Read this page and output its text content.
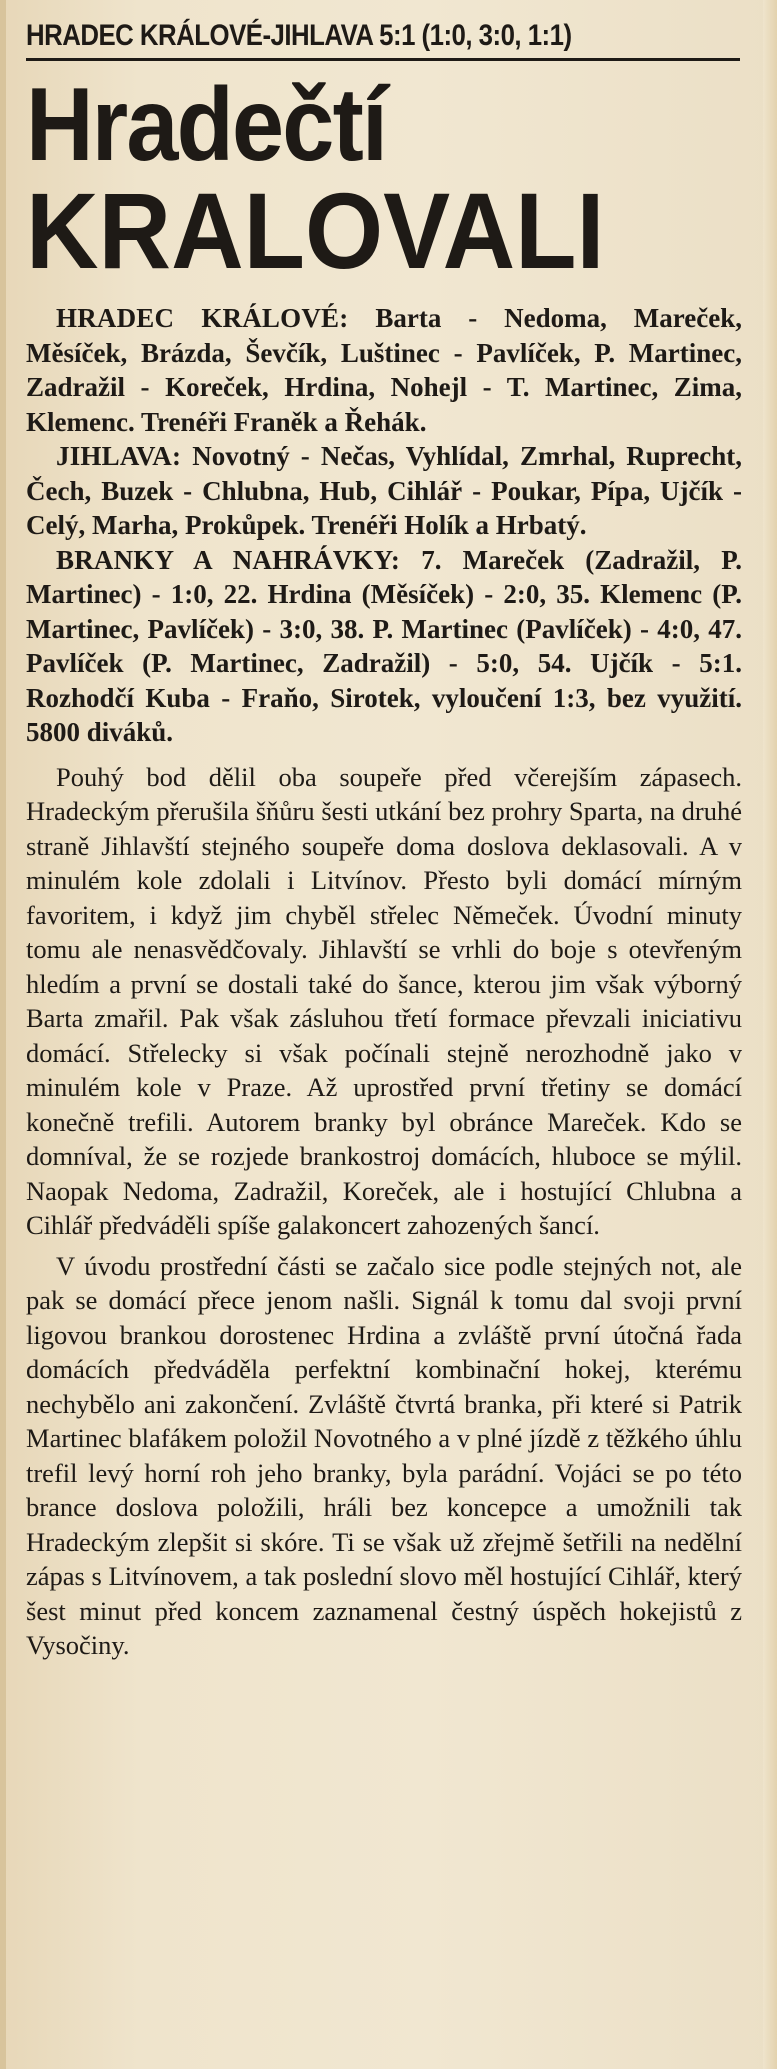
HRADEC KRÁLOVÉ-JIHLAVA 5:1 (1:0, 3:0, 1:1)
Hradečtí
KRALOVALI

HRADEC KRÁLOVÉ: Barta - Nedoma, Mareček, Měsíček, Brázda, Ševčík, Luštinec - Pavlíček, P. Martinec, Zadražil - Koreček, Hrdina, Nohejl - T. Martinec, Zima, Klemenc. Trenéři Franěk a Řehák.

JIHLAVA: Novotný - Nečas, Vyhlídal, Zmrhal, Ruprecht, Čech, Buzek - Chlubna, Hub, Cihlář - Poukar, Pípa, Ujčík - Celý, Marha, Prokůpek. Trenéři Holík a Hrbatý.

BRANKY A NAHRÁVKY: 7. Mareček (Zadražil, P. Martinec) - 1:0, 22. Hrdina (Měsíček) - 2:0, 35. Klemenc (P. Martinec, Pavlíček) - 3:0, 38. P. Martinec (Pavlíček) - 4:0, 47. Pavlíček (P. Martinec, Zadražil) - 5:0, 54. Ujčík - 5:1. Rozhodčí Kuba - Fraňo, Sirotek, vyloučení 1:3, bez využití. 5800 diváků.

Pouhý bod dělil oba soupeře před včerejším zápasech. Hradeckým přerušila šňůru šesti utkání bez prohry Sparta, na druhé straně Jihlavští stejného soupeře doma doslova deklasovali. A v minulém kole zdolali i Litvínov. Přesto byli domácí mírným favoritem, i když jim chyběl střelec Němeček. Úvodní minuty tomu ale nenasvědčovaly. Jihlavští se vrhli do boje s otevřeným hledím a první se dostali také do šance, kterou jim však výborný Barta zmařil. Pak však zásluhou třetí formace převzali iniciativu domácí. Střelecky si však počínali stejně nerozhodně jako v minulém kole v Praze. Až uprostřed první třetiny se domácí konečně trefili. Autorem branky byl obránce Mareček. Kdo se domníval, že se rozjede brankostroj domácích, hluboce se mýlil. Naopak Nedoma, Zadražil, Koreček, ale i hostující Chlubna a Cihlář předváděli spíše galakoncert zahozených šancí.

V úvodu prostřední části se začalo sice podle stejných not, ale pak se domácí přece jenom našli. Signál k tomu dal svoji první ligovou brankou dorostenec Hrdina a zvláště první útočná řada domácích předváděla perfektní kombinační hokej, kterému nechybělo ani zakončení. Zvláště čtvrtá branka, při které si Patrik Martinec blafákem položil Novotného a v plné jízdě z těžkého úhlu trefil levý horní roh jeho branky, byla parádní. Vojáci se po této brance doslova položili, hráli bez koncepce a umožnili tak Hradeckým zlepšit si skóre. Ti se však už zřejmě šetřili na nedělní zápas s Litvínovem, a tak poslední slovo měl hostující Cihlář, který šest minut před koncem zaznamenal čestný úspěch hokejistů z Vysočiny.
